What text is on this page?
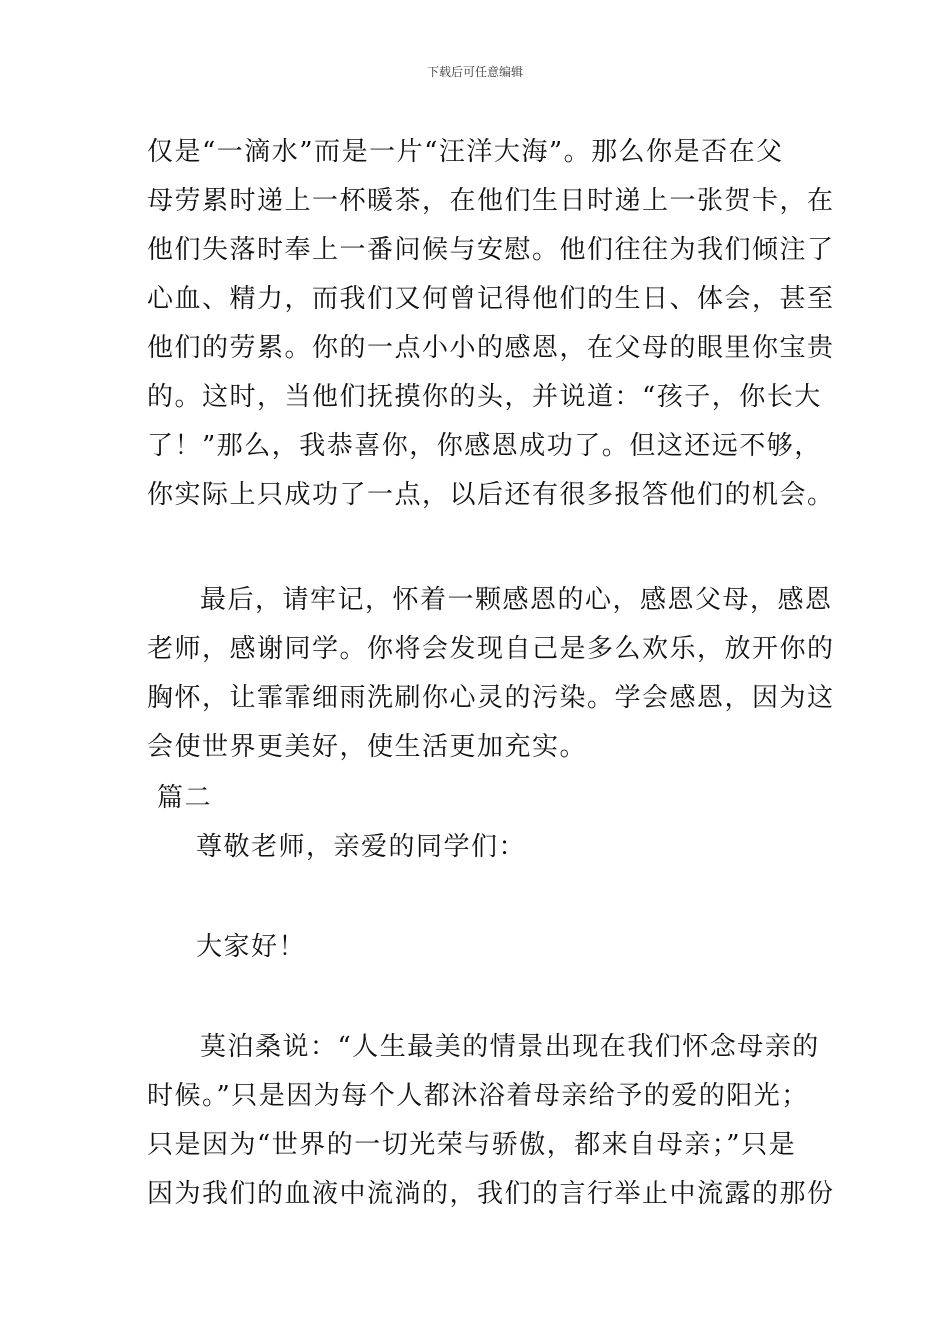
下载后可任意编辑
仅是“一滴水”而是一片“汪洋大海”。那么你是否在父
母劳累时递上一杯暖茶，在他们生日时递上一张贺卡，在
他们失落时奉上一番问候与安慰。他们往往为我们倾注了
心血、精力，而我们又何曾记得他们的生日、体会，甚至
他们的劳累。你的一点小小的感恩，在父母的眼里你宝贵
的。这时，当他们抚摸你的头，并说道：“孩子，你长大
了！”那么，我恭喜你，你感恩成功了。但这还远不够，
你实际上只成功了一点，以后还有很多报答他们的机会。
最后，请牢记，怀着一颗感恩的心，感恩父母，感恩
老师，感谢同学。你将会发现自己是多么欢乐，放开你的
胸怀，让霏霏细雨洗刷你心灵的污染。学会感恩，因为这
会使世界更美好，使生活更加充实。
篇二
尊敬老师，亲爱的同学们：
大家好！
莫泊桑说：“人生最美的情景出现在我们怀念母亲的
时候。”只是因为每个人都沐浴着母亲给予的爱的阳光；
只是因为“世界的一切光荣与骄傲，都来自母亲；”只是
因为我们的血液中流淌的，我们的言行举止中流露的那份
